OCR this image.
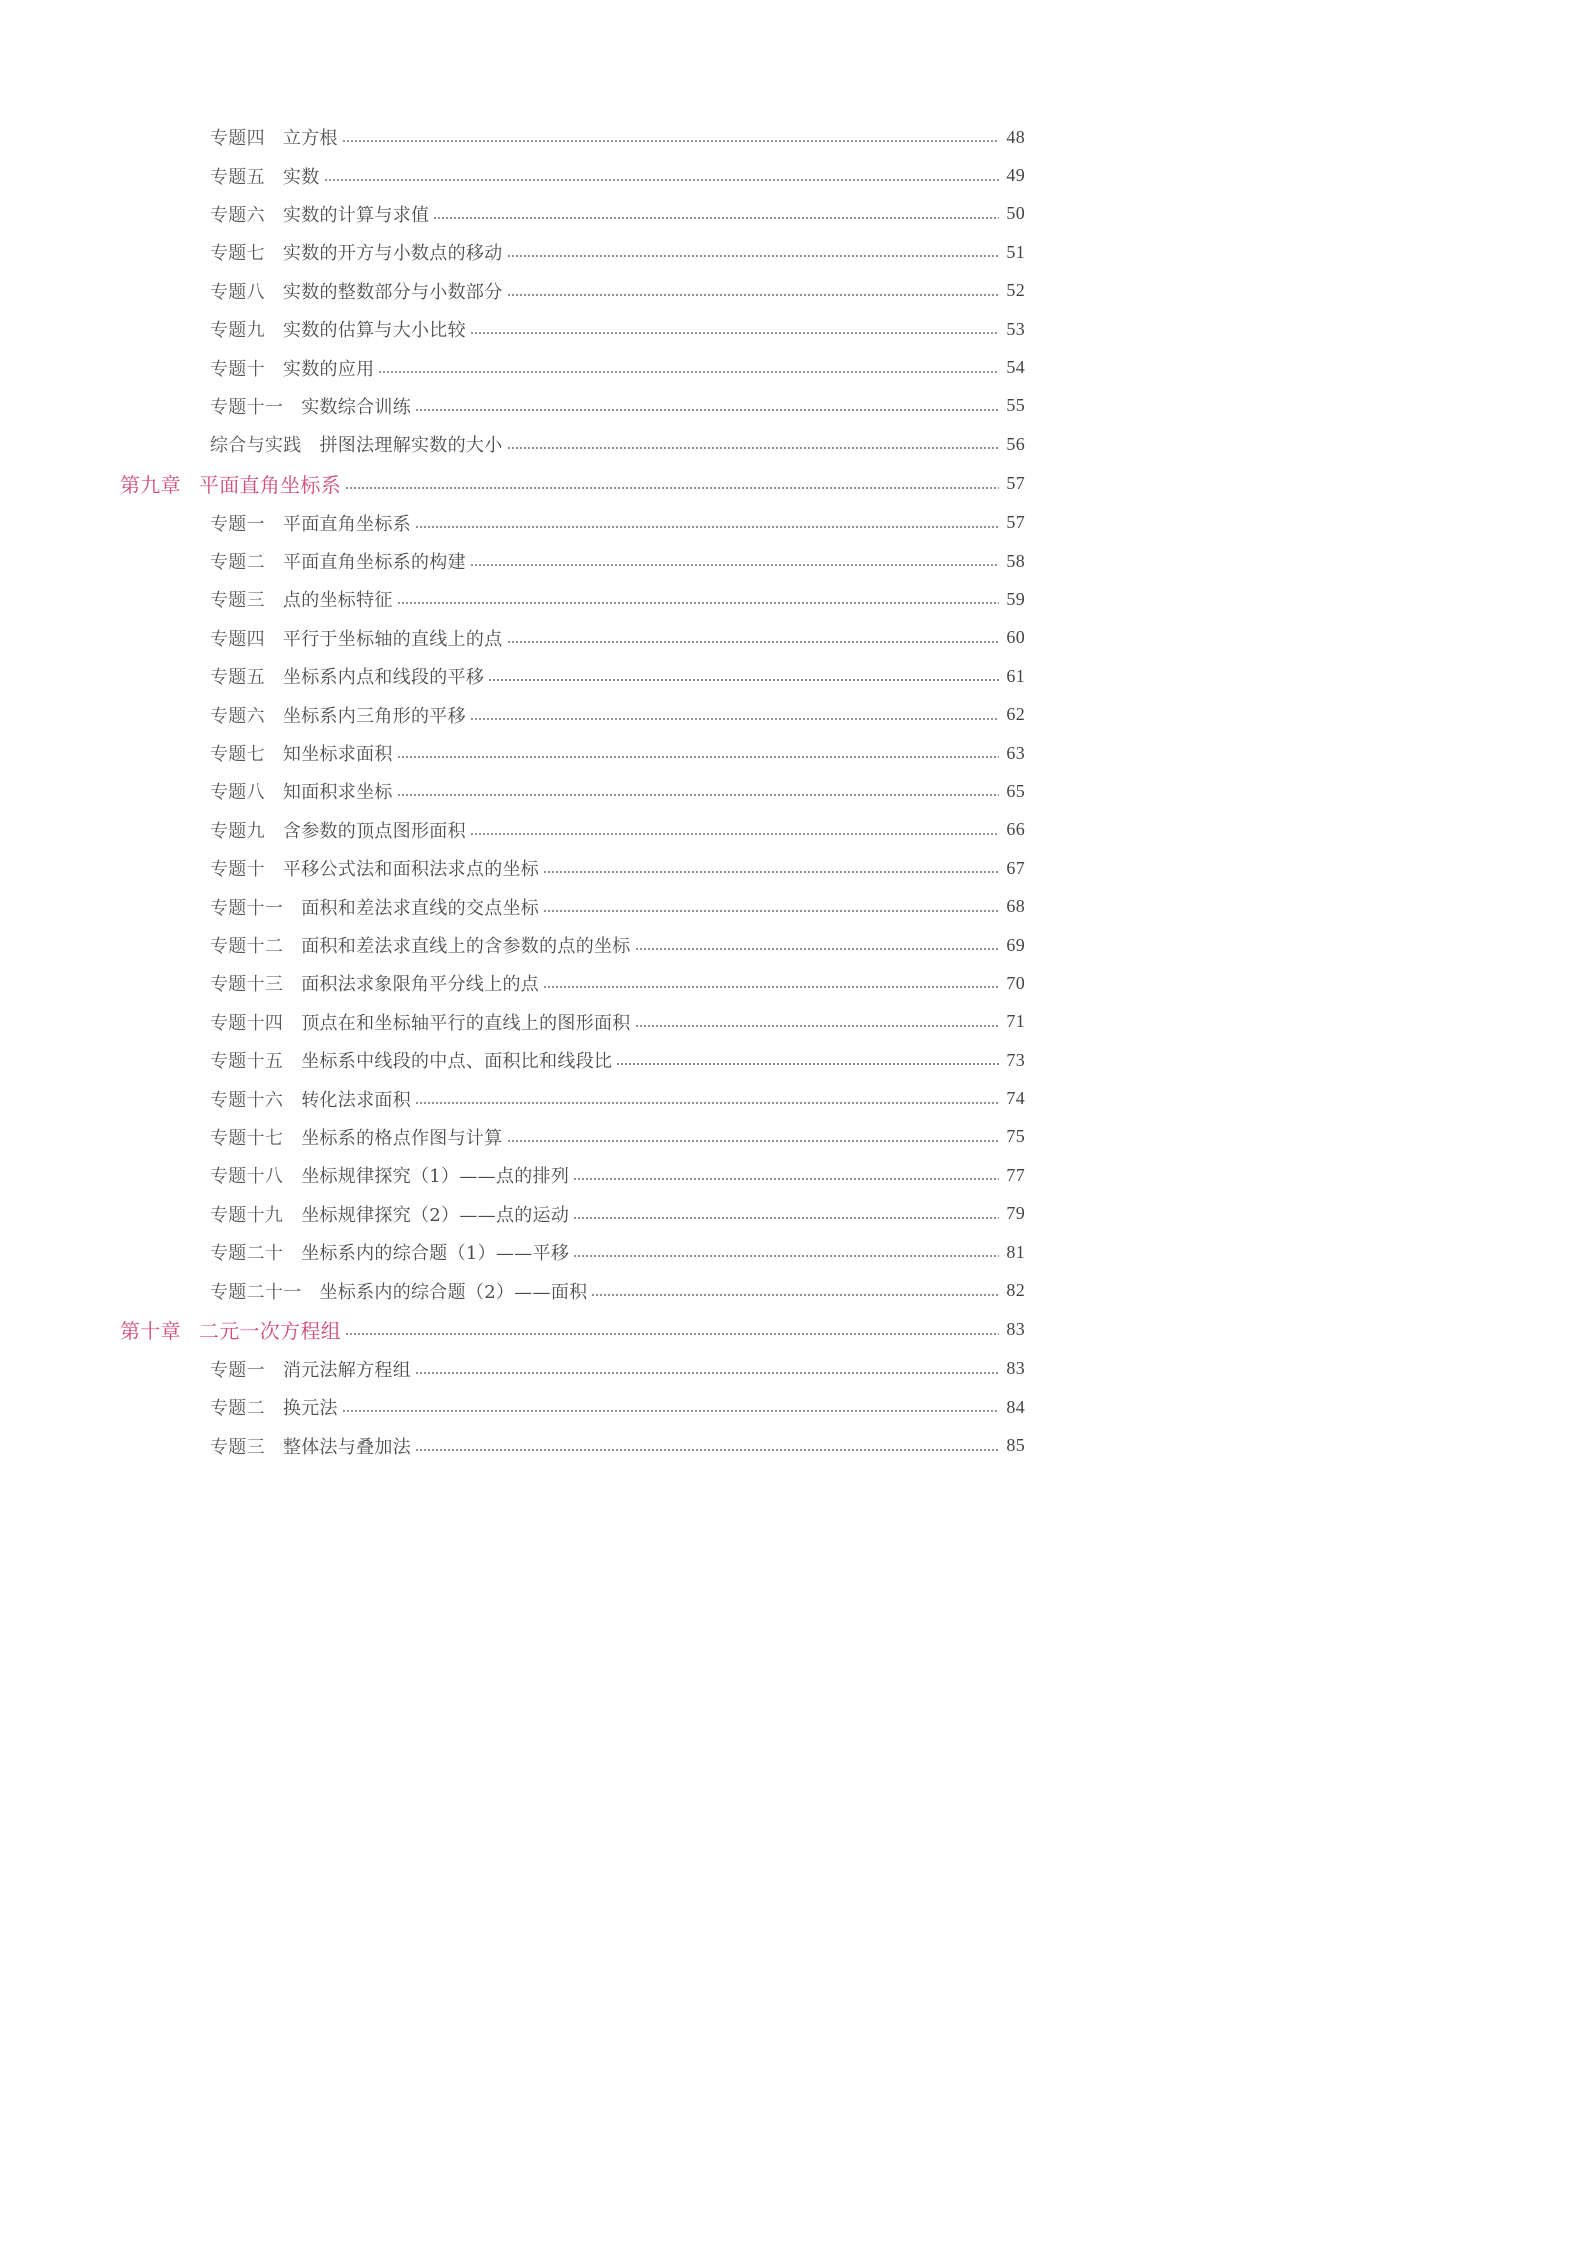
专题四 立方根	48
专题五 实数	49
专题六 实数的计算与求值	50
专题七 实数的开方与小数点的移动	51
专题八 实数的整数部分与小数部分	52
专题九 实数的估算与大小比较	53
专题十 实数的应用	54
专题十一 实数综合训练	55
综合与实践 拼图法理解实数的大小	56
第九章 平面直角坐标系	57
专题一 平面直角坐标系	57
专题二 平面直角坐标系的构建	58
专题三 点的坐标特征	59
专题四 平行于坐标轴的直线上的点	60
专题五 坐标系内点和线段的平移	61
专题六 坐标系内三角形的平移	62
专题七 知坐标求面积	63
专题八 知面积求坐标	65
专题九 含参数的顶点图形面积	66
专题十 平移公式法和面积法求点的坐标	67
专题十一 面积和差法求直线的交点坐标	68
专题十二 面积和差法求直线上的含参数的点的坐标	69
专题十三 面积法求象限角平分线上的点	70
专题十四 顶点在和坐标轴平行的直线上的图形面积	71
专题十五 坐标系中线段的中点、面积比和线段比	73
专题十六 转化法求面积	74
专题十七 坐标系的格点作图与计算	75
专题十八 坐标规律探究（1）——点的排列	77
专题十九 坐标规律探究（2）——点的运动	79
专题二十 坐标系内的综合题（1）——平移	81
专题二十一 坐标系内的综合题（2）——面积	82
第十章 二元一次方程组	83
专题一 消元法解方程组	83
专题二 换元法	84
专题三 整体法与叠加法	85
